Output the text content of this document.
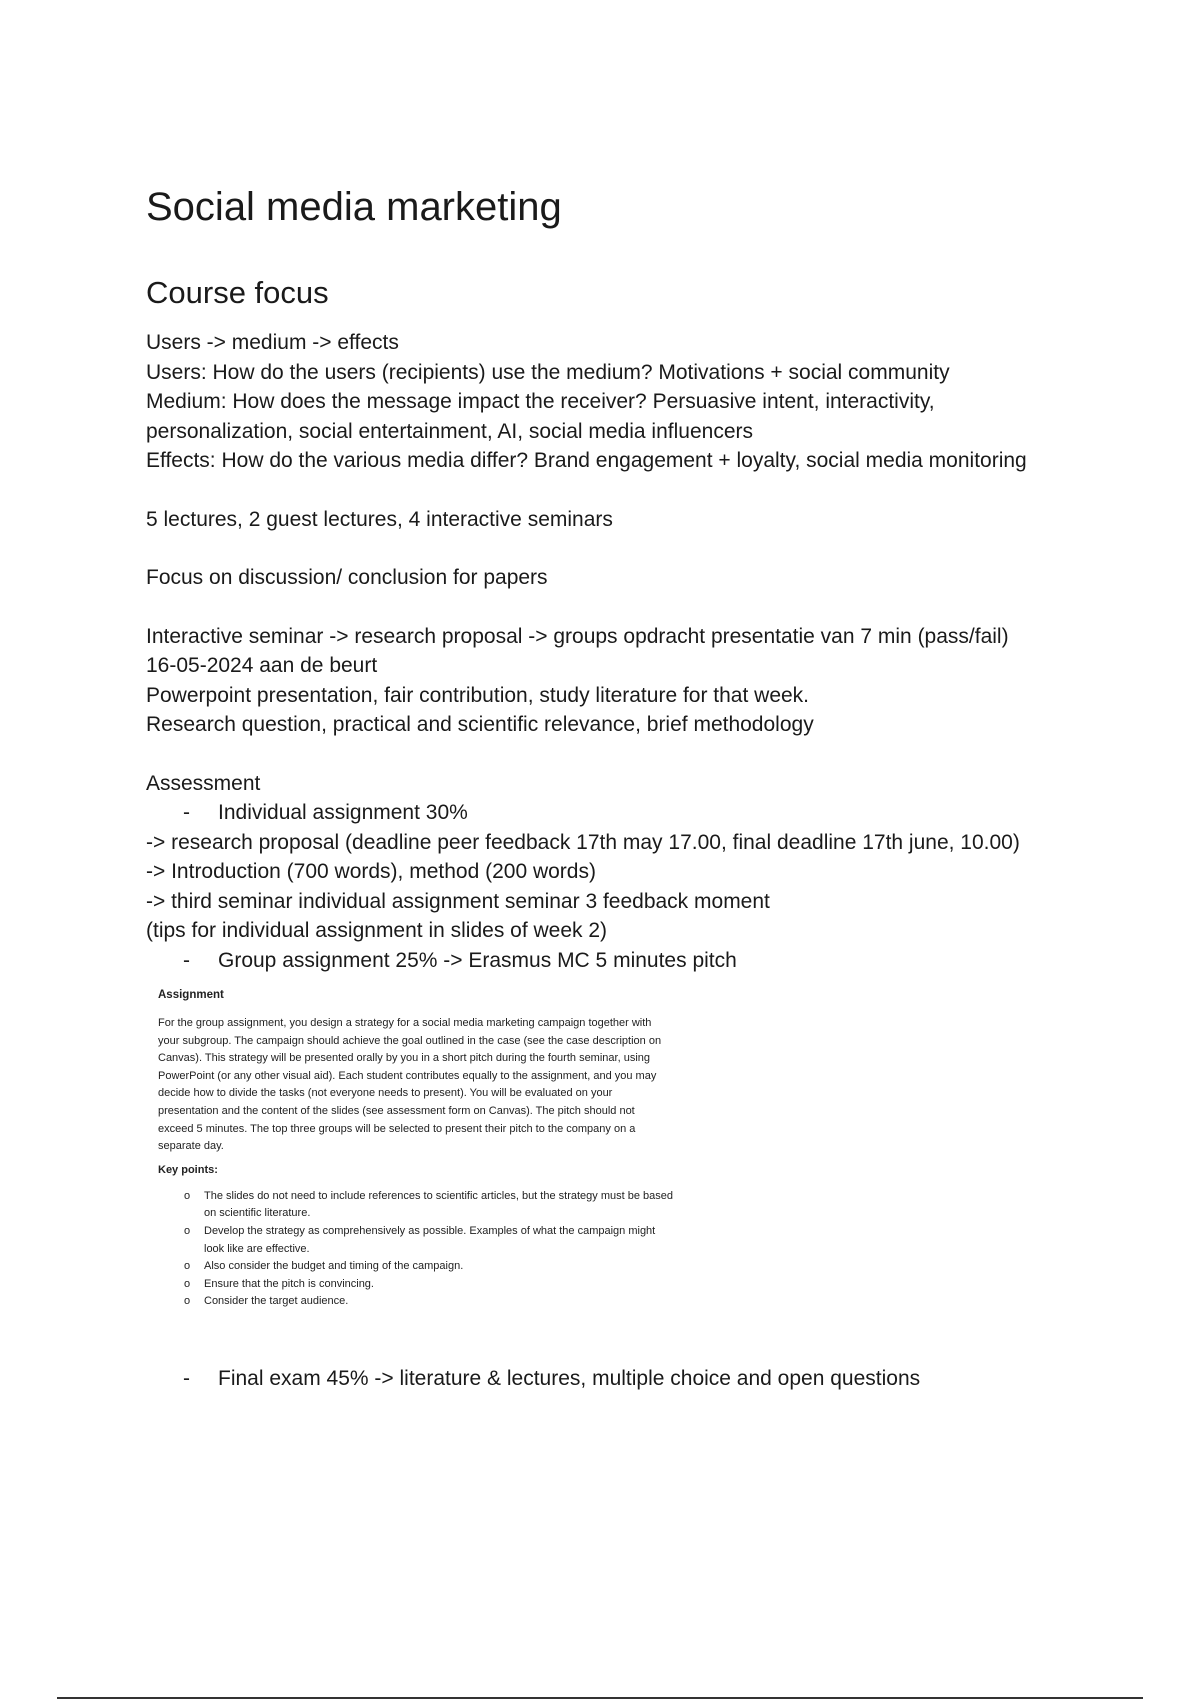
Social media marketing
Course focus
Users -> medium -> effects
Users: How do the users (recipients) use the medium? Motivations + social community
Medium: How does the message impact the receiver? Persuasive intent, interactivity,
personalization, social entertainment, AI, social media influencers
Effects: How do the various media differ? Brand engagement + loyalty, social media monitoring
5 lectures, 2 guest lectures, 4 interactive seminars
Focus on discussion/ conclusion for papers
Interactive seminar -> research proposal -> groups opdracht presentatie van 7 min (pass/fail)
16-05-2024 aan de beurt
Powerpoint presentation, fair contribution, study literature for that week.
Research question, practical and scientific relevance, brief methodology
Assessment
- Individual assignment 30%
-> research proposal (deadline peer feedback 17th may 17.00, final deadline 17th june, 10.00)
-> Introduction (700 words), method (200 words)
-> third seminar individual assignment seminar 3 feedback moment
(tips for individual assignment in slides of week 2)
- Group assignment 25% -> Erasmus MC 5 minutes pitch
Assignment
For the group assignment, you design a strategy for a social media marketing campaign together with
your subgroup. The campaign should achieve the goal outlined in the case (see the case description on
Canvas). This strategy will be presented orally by you in a short pitch during the fourth seminar, using
PowerPoint (or any other visual aid). Each student contributes equally to the assignment, and you may
decide how to divide the tasks (not everyone needs to present). You will be evaluated on your
presentation and the content of the slides (see assessment form on Canvas). The pitch should not
exceed 5 minutes. The top three groups will be selected to present their pitch to the company on a
separate day.
Key points:
o The slides do not need to include references to scientific articles, but the strategy must be based
on scientific literature.
o Develop the strategy as comprehensively as possible. Examples of what the campaign might
look like are effective.
o Also consider the budget and timing of the campaign.
o Ensure that the pitch is convincing.
o Consider the target audience.
- Final exam 45% -> literature & lectures, multiple choice and open questions
